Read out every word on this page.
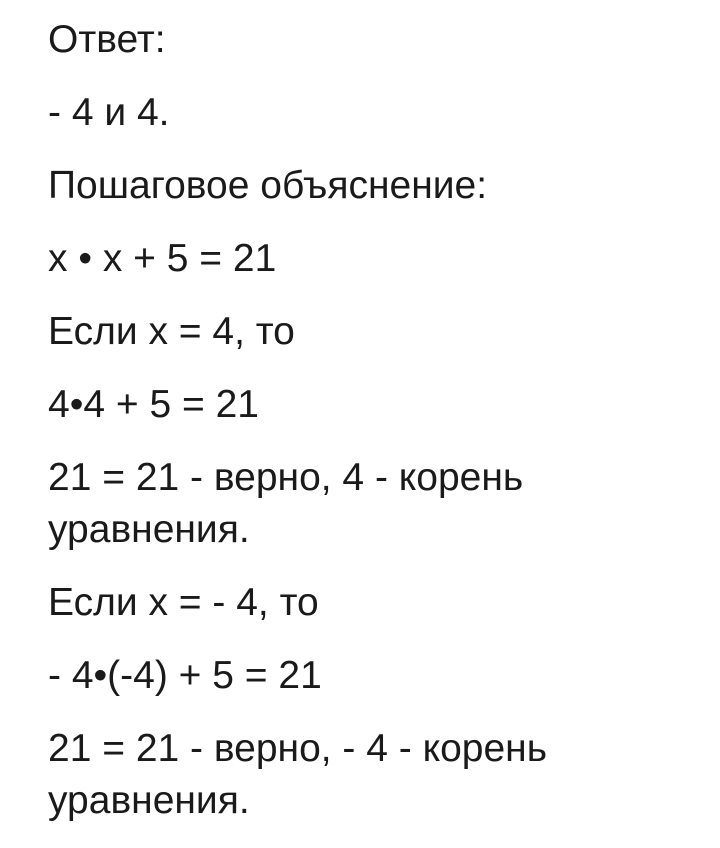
Ответ:
- 4 и 4.
Пошаговое объяснение:
x • x + 5 = 21
Если x = 4, то
4•4 + 5 = 21
21 = 21 - верно, 4 - корень уравнения.
Если x = - 4, то
- 4•(-4) + 5 = 21
21 = 21 - верно, - 4 - корень уравнения.
